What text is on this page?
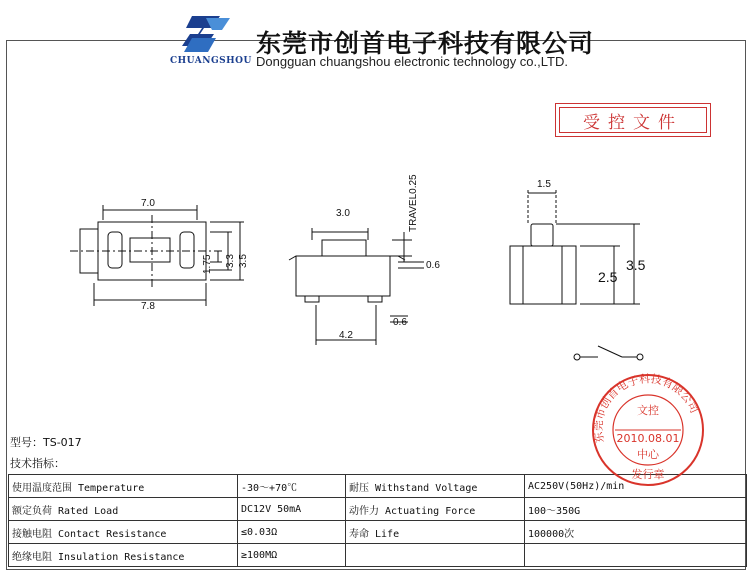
CHUANGSHOU
东莞市创首电子科技有限公司
Dongguan chuangshou electronic technology co.,LTD.
受控文件
7.0
7.8
1.75 3.3 3.5
3.0	TRAVEL0.25
0.6
0.6
4.2
1.5
2.5
3.5
型号：TS-017
技术指标：
使用温度范围 Temperature	-30～+70℃	耐压 Withstand Voltage	AC250V(50Hz)/min
额定负荷 Rated Load	DC12V 50mA	动作力 Actuating Force	100～350G
接触电阻 Contact Resistance	≤0.03Ω	寿命 Life	100000次
绝缘电阻 Insulation Resistance	≥100MΩ		
东莞市创首电子科技有限公司
文控
2010.08.01
中心
发行章
